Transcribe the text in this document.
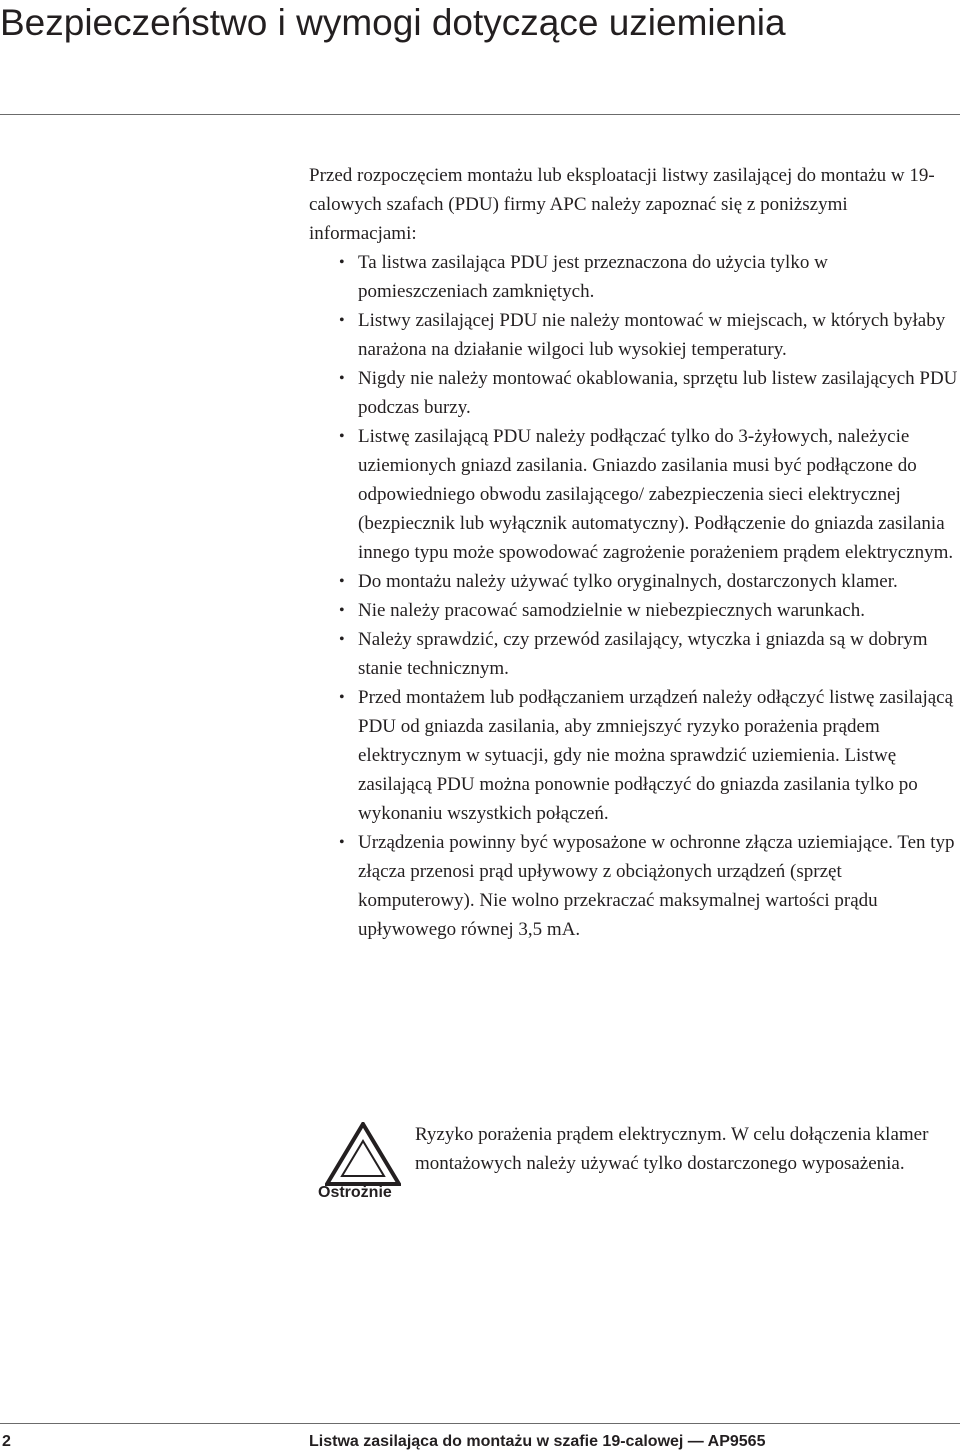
Bezpieczeństwo i wymogi dotyczące uziemienia

Przed rozpoczęciem montażu lub eksploatacji listwy zasilającej do montażu w 19-calowych szafach (PDU) firmy APC należy zapoznać się z poniższymi informacjami:

• Ta listwa zasilająca PDU jest przeznaczona do użycia tylko w pomieszczeniach zamkniętych.
• Listwy zasilającej PDU nie należy montować w miejscach, w których byłaby narażona na działanie wilgoci lub wysokiej temperatury.
• Nigdy nie należy montować okablowania, sprzętu lub listew zasilających PDU podczas burzy.
• Listwę zasilającą PDU należy podłączać tylko do 3-żyłowych, należycie uziemionych gniazd zasilania. Gniazdo zasilania musi być podłączone do odpowiedniego obwodu zasilającego/ zabezpieczenia sieci elektrycznej (bezpiecznik lub wyłącznik automatyczny). Podłączenie do gniazda zasilania innego typu może spowodować zagrożenie porażeniem prądem elektrycznym.
• Do montażu należy używać tylko oryginalnych, dostarczonych klamer.
• Nie należy pracować samodzielnie w niebezpiecznych warunkach.
• Należy sprawdzić, czy przewód zasilający, wtyczka i gniazda są w dobrym stanie technicznym.
• Przed montażem lub podłączaniem urządzeń należy odłączyć listwę zasilającą PDU od gniazda zasilania, aby zmniejszyć ryzyko porażenia prądem elektrycznym w sytuacji, gdy nie można sprawdzić uziemienia. Listwę zasilającą PDU można ponownie podłączyć do gniazda zasilania tylko po wykonaniu wszystkich połączeń.
• Urządzenia powinny być wyposażone w ochronne złącza uziemiające. Ten typ złącza przenosi prąd upływowy z obciążonych urządzeń (sprzęt komputerowy). Nie wolno przekraczać maksymalnej wartości prądu upływowego równej 3,5 mA.
Ostrożnie

Ryzyko porażenia prądem elektrycznym. W celu dołączenia klamer montażowych należy używać tylko dostarczonego wyposażenia.

2	Listwa zasilająca do montażu w szafie 19-calowej — AP9565
